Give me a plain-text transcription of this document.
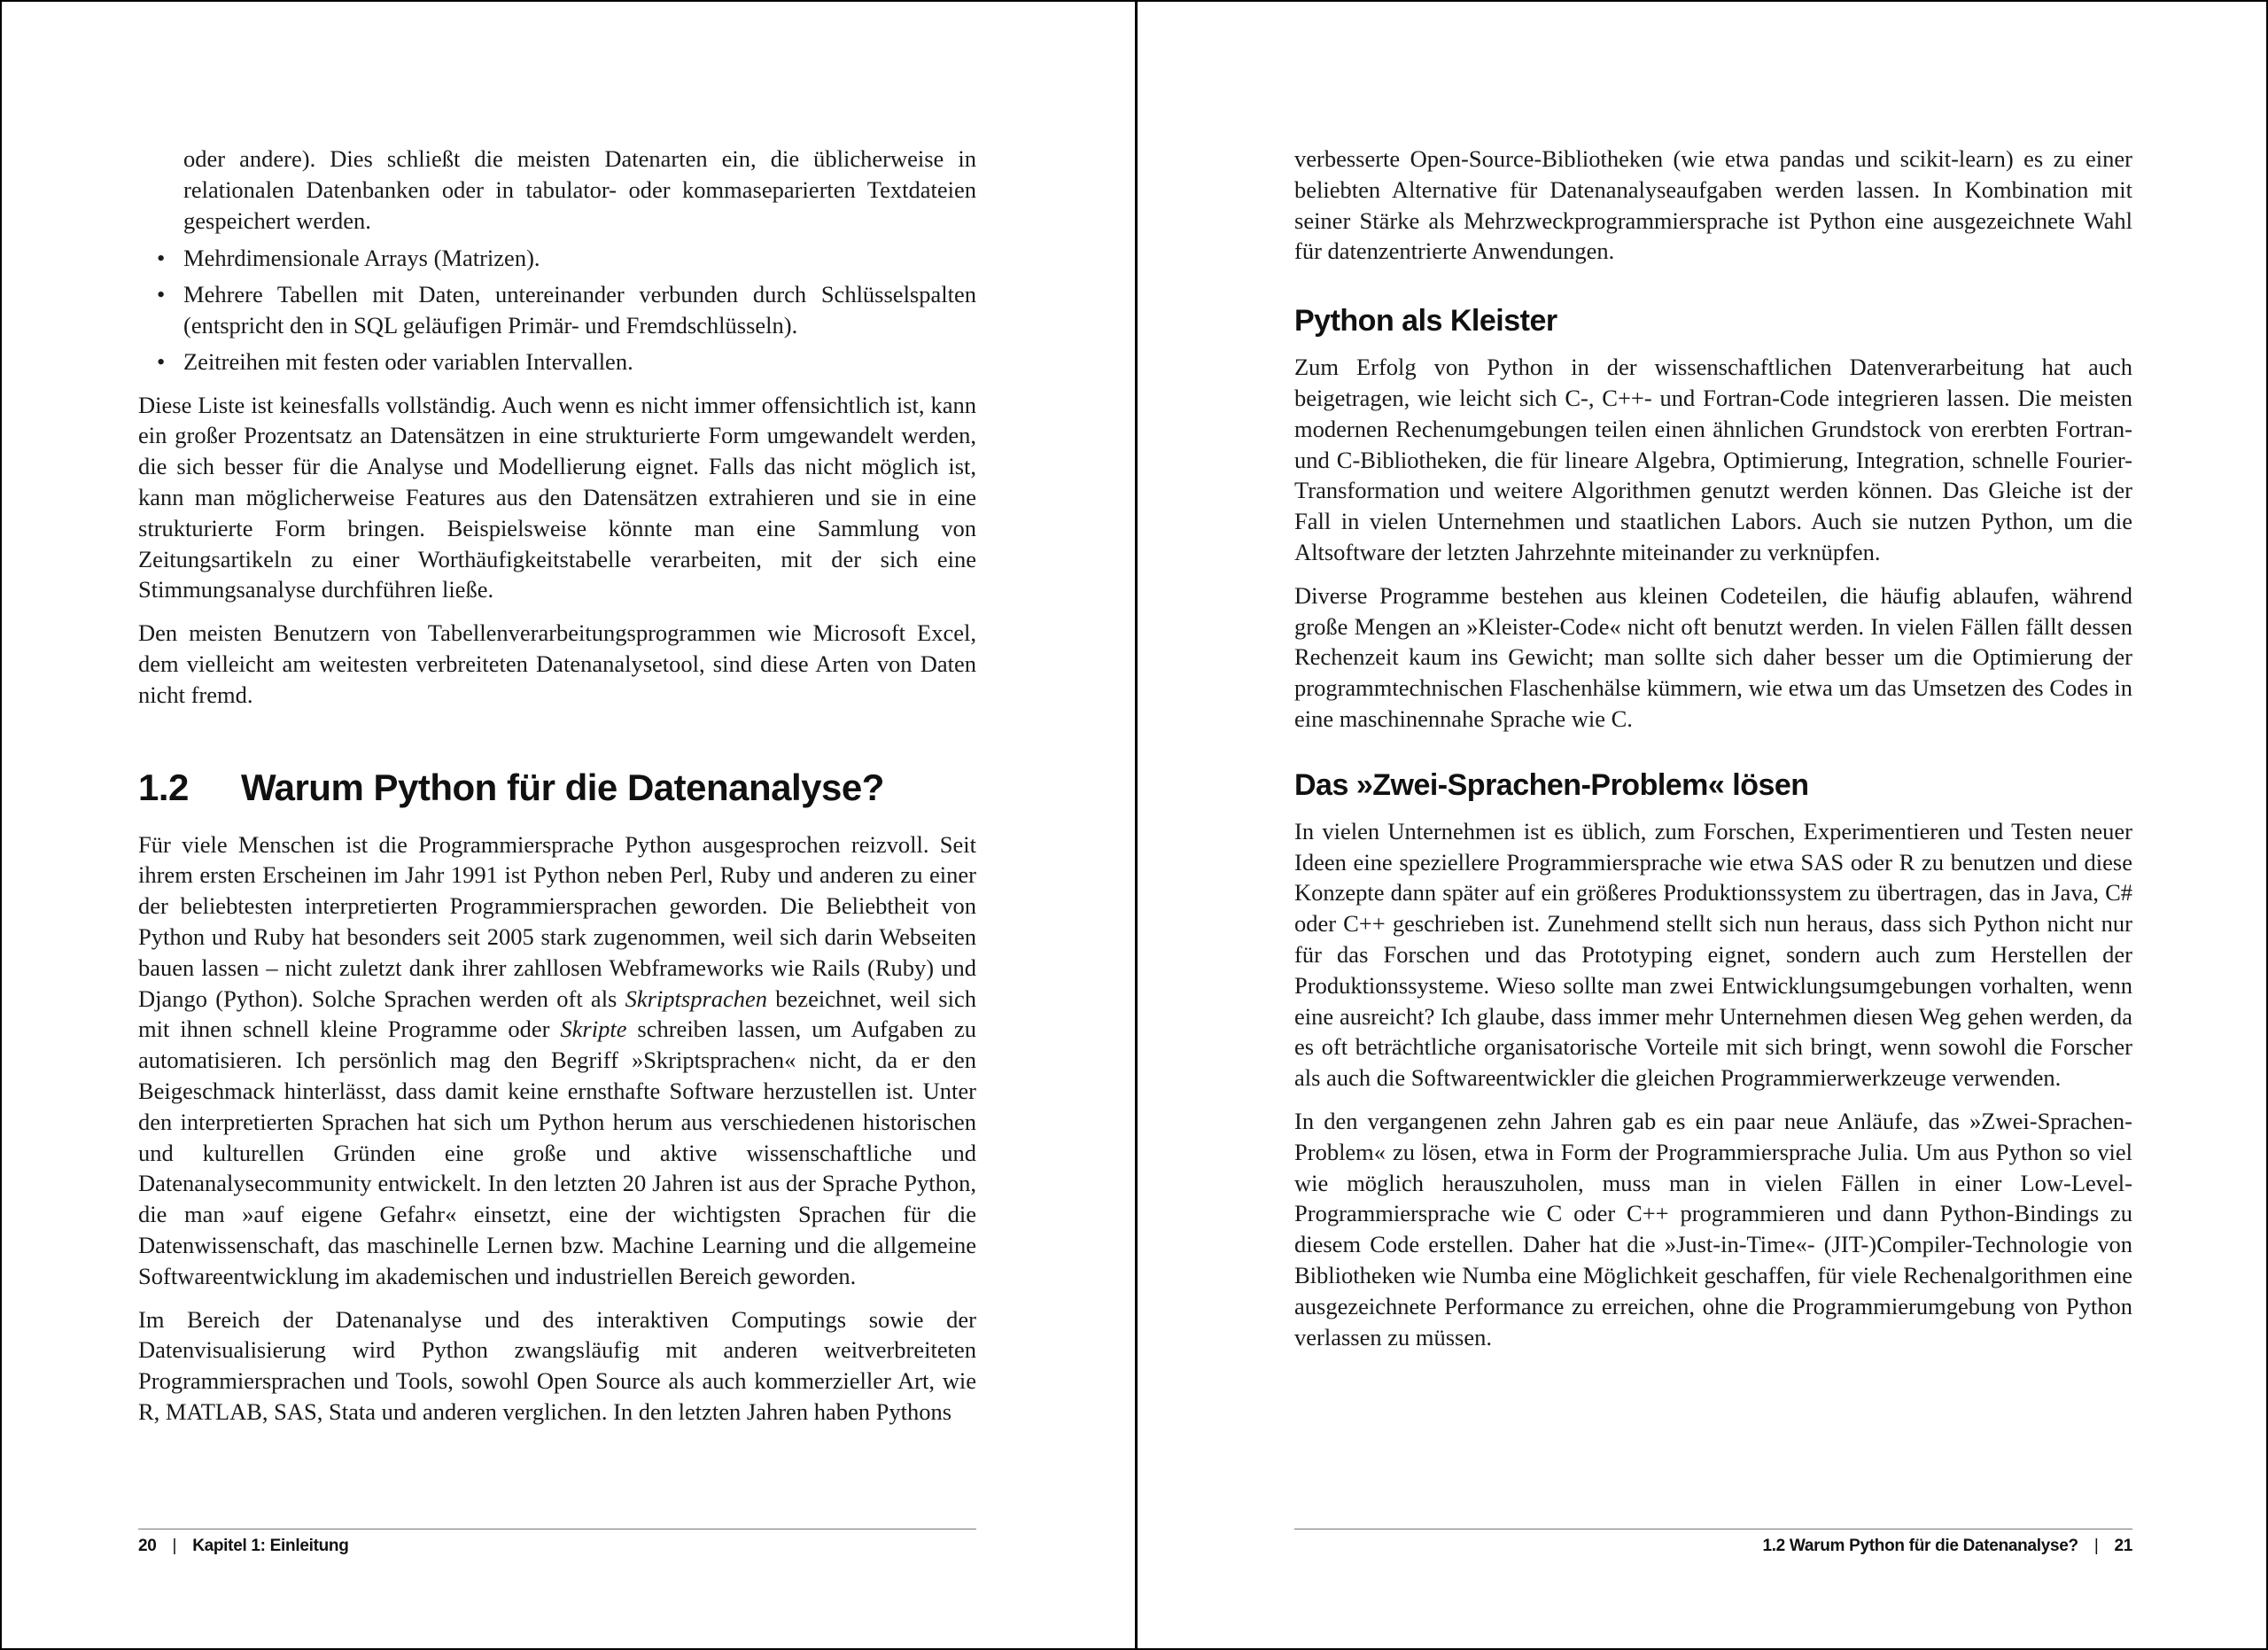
oder andere). Dies schließt die meisten Datenarten ein, die üblicherweise in relationalen Datenbanken oder in tabulator- oder kommaseparierten Textdateien gespeichert werden.

• Mehrdimensionale Arrays (Matrizen).
• Mehrere Tabellen mit Daten, untereinander verbunden durch Schlüsselspalten (entspricht den in SQL geläufigen Primär- und Fremdschlüsseln).
• Zeitreihen mit festen oder variablen Intervallen.

Diese Liste ist keinesfalls vollständig. Auch wenn es nicht immer offensichtlich ist, kann ein großer Prozentsatz an Datensätzen in eine strukturierte Form umgewandelt werden, die sich besser für die Analyse und Modellierung eignet. Falls das nicht möglich ist, kann man möglicherweise Features aus den Datensätzen extrahieren und sie in eine strukturierte Form bringen. Beispielsweise könnte man eine Sammlung von Zeitungsartikeln zu einer Worthäufigkeitstabelle verarbeiten, mit der sich eine Stimmungsanalyse durchführen ließe.

Den meisten Benutzern von Tabellenverarbeitungsprogrammen wie Microsoft Excel, dem vielleicht am weitesten verbreiteten Datenanalysetool, sind diese Arten von Daten nicht fremd.

1.2 Warum Python für die Datenanalyse?

Für viele Menschen ist die Programmiersprache Python ausgesprochen reizvoll. Seit ihrem ersten Erscheinen im Jahr 1991 ist Python neben Perl, Ruby und anderen zu einer der beliebtesten interpretierten Programmiersprachen geworden. Die Beliebtheit von Python und Ruby hat besonders seit 2005 stark zugenommen, weil sich darin Webseiten bauen lassen – nicht zuletzt dank ihrer zahllosen Webframeworks wie Rails (Ruby) und Django (Python). Solche Sprachen werden oft als Skriptsprachen bezeichnet, weil sich mit ihnen schnell kleine Programme oder Skripte schreiben lassen, um Aufgaben zu automatisieren. Ich persönlich mag den Begriff »Skriptsprachen« nicht, da er den Beigeschmack hinterlässt, dass damit keine ernsthafte Software herzustellen ist. Unter den interpretierten Sprachen hat sich um Python herum aus verschiedenen historischen und kulturellen Gründen eine große und aktive wissenschaftliche und Datenanalysecommunity entwickelt. In den letzten 20 Jahren ist aus der Sprache Python, die man »auf eigene Gefahr« einsetzt, eine der wichtigsten Sprachen für die Datenwissenschaft, das maschinelle Lernen bzw. Machine Learning und die allgemeine Softwareentwicklung im akademischen und industriellen Bereich geworden.

Im Bereich der Datenanalyse und des interaktiven Computings sowie der Datenvisualisierung wird Python zwangsläufig mit anderen weitverbreiteten Programmiersprachen und Tools, sowohl Open Source als auch kommerzieller Art, wie R, MATLAB, SAS, Stata und anderen verglichen. In den letzten Jahren haben Pythons

20 | Kapitel 1: Einleitung

verbesserte Open-Source-Bibliotheken (wie etwa pandas und scikit-learn) es zu einer beliebten Alternative für Datenanalyseaufgaben werden lassen. In Kombination mit seiner Stärke als Mehrzweckprogrammiersprache ist Python eine ausgezeichnete Wahl für datenzentrierte Anwendungen.

Python als Kleister

Zum Erfolg von Python in der wissenschaftlichen Datenverarbeitung hat auch beigetragen, wie leicht sich C-, C++- und Fortran-Code integrieren lassen. Die meisten modernen Rechenumgebungen teilen einen ähnlichen Grundstock von ererbten Fortran- und C-Bibliotheken, die für lineare Algebra, Optimierung, Integration, schnelle Fourier-Transformation und weitere Algorithmen genutzt werden können. Das Gleiche ist der Fall in vielen Unternehmen und staatlichen Labors. Auch sie nutzen Python, um die Altsoftware der letzten Jahrzehnte miteinander zu verknüpfen.

Diverse Programme bestehen aus kleinen Codeteilen, die häufig ablaufen, während große Mengen an »Kleister-Code« nicht oft benutzt werden. In vielen Fällen fällt dessen Rechenzeit kaum ins Gewicht; man sollte sich daher besser um die Optimierung der programmtechnischen Flaschenhälse kümmern, wie etwa um das Umsetzen des Codes in eine maschinennahe Sprache wie C.

Das »Zwei-Sprachen-Problem« lösen

In vielen Unternehmen ist es üblich, zum Forschen, Experimentieren und Testen neuer Ideen eine speziellere Programmiersprache wie etwa SAS oder R zu benutzen und diese Konzepte dann später auf ein größeres Produktionssystem zu übertragen, das in Java, C# oder C++ geschrieben ist. Zunehmend stellt sich nun heraus, dass sich Python nicht nur für das Forschen und das Prototyping eignet, sondern auch zum Herstellen der Produktionssysteme. Wieso sollte man zwei Entwicklungsumgebungen vorhalten, wenn eine ausreicht? Ich glaube, dass immer mehr Unternehmen diesen Weg gehen werden, da es oft beträchtliche organisatorische Vorteile mit sich bringt, wenn sowohl die Forscher als auch die Softwareentwickler die gleichen Programmierwerkzeuge verwenden.

In den vergangenen zehn Jahren gab es ein paar neue Anläufe, das »Zwei-Sprachen-Problem« zu lösen, etwa in Form der Programmiersprache Julia. Um aus Python so viel wie möglich herauszuholen, muss man in vielen Fällen in einer Low-Level-Programmiersprache wie C oder C++ programmieren und dann Python-Bindings zu diesem Code erstellen. Daher hat die »Just-in-Time«- (JIT-)Compiler-Technologie von Bibliotheken wie Numba eine Möglichkeit geschaffen, für viele Rechenalgorithmen eine ausgezeichnete Performance zu erreichen, ohne die Programmierumgebung von Python verlassen zu müssen.

1.2 Warum Python für die Datenanalyse? | 21
